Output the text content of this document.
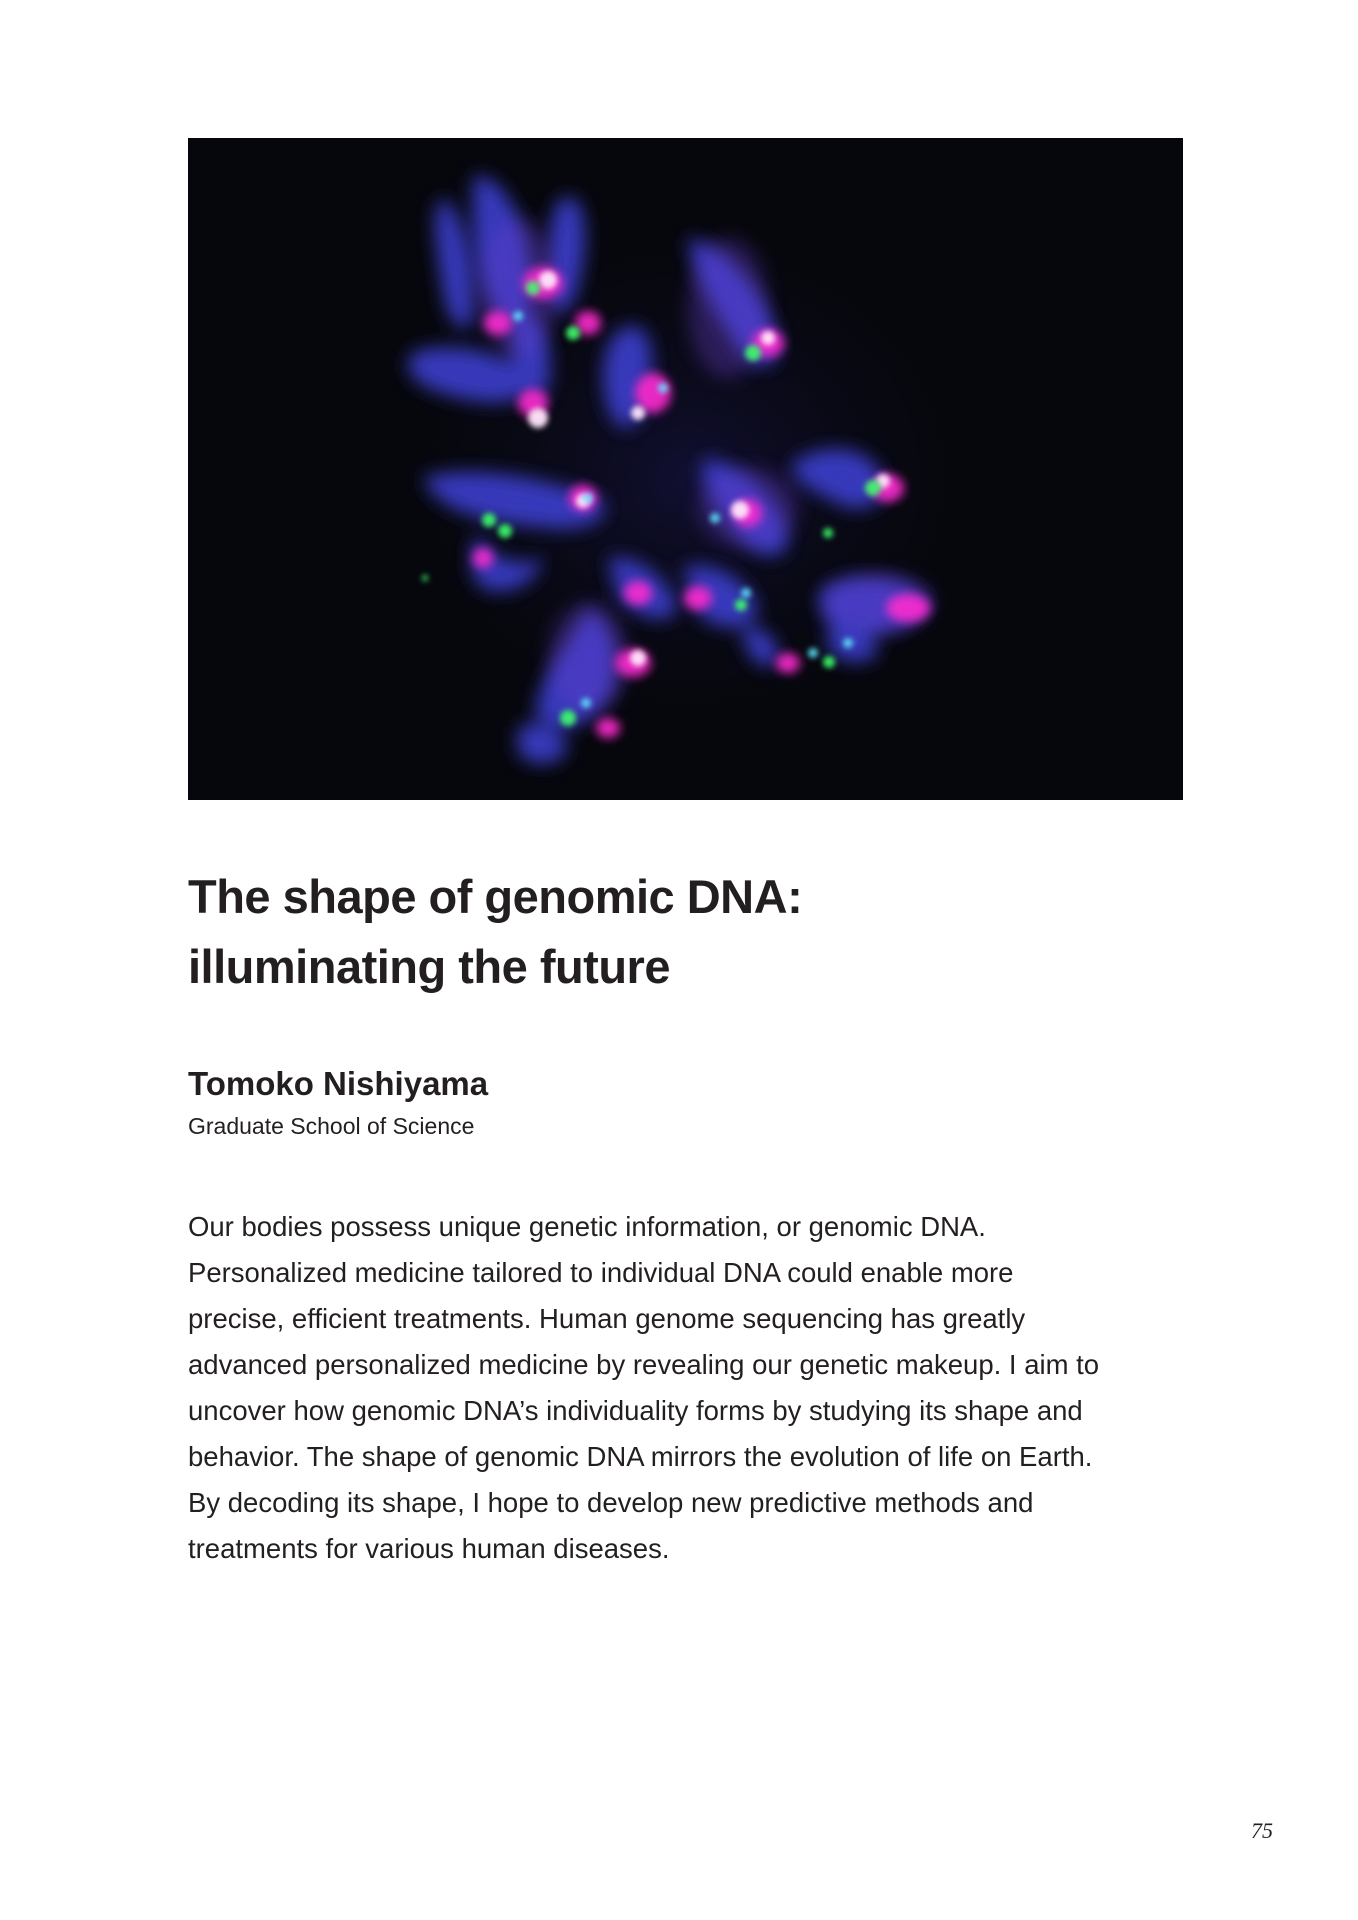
The shape of genomic DNA:
illuminating the future

Tomoko Nishiyama

Graduate School of Science

Our bodies possess unique genetic information, or genomic DNA.
Personalized medicine tailored to individual DNA could enable more
precise, efficient treatments. Human genome sequencing has greatly
advanced personalized medicine by revealing our genetic makeup. I aim to
uncover how genomic DNA’s individuality forms by studying its shape and
behavior. The shape of genomic DNA mirrors the evolution of life on Earth.
By decoding its shape, I hope to develop new predictive methods and
treatments for various human diseases.
75
